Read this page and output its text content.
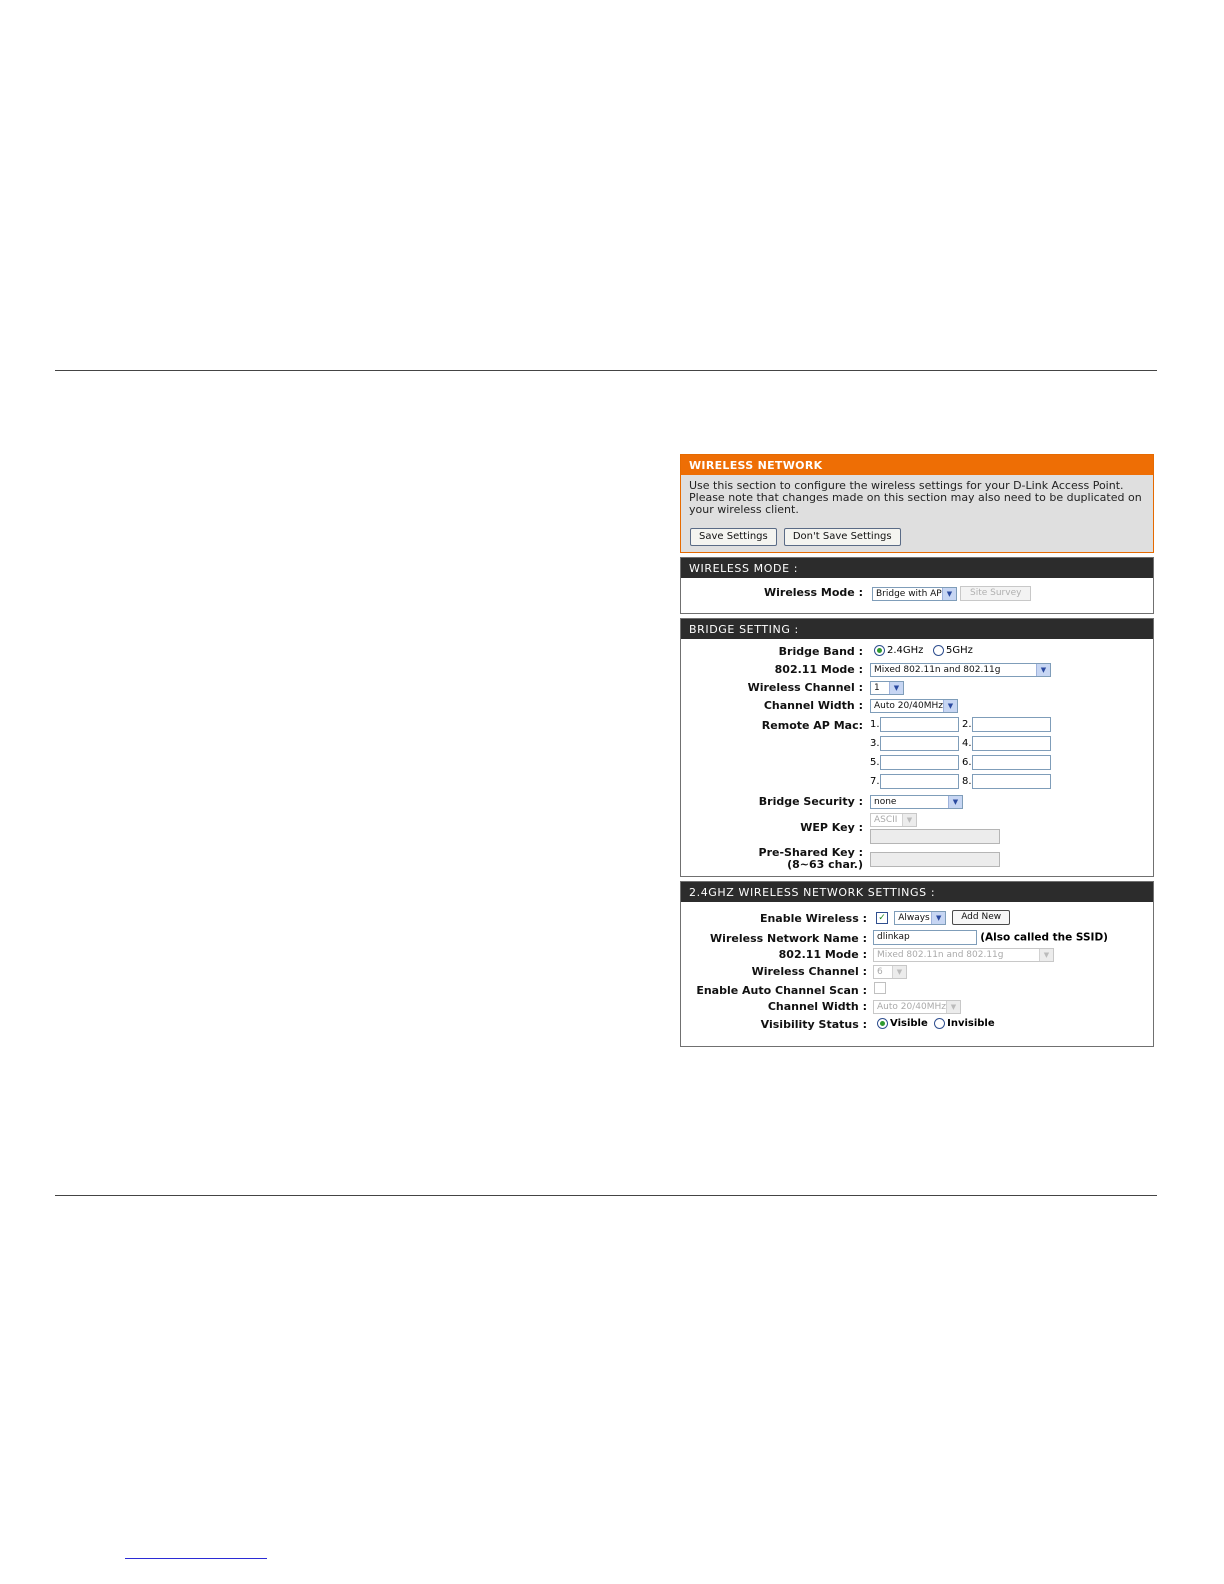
WIRELESS NETWORK
Use this section to configure the wireless settings for your D-Link Access Point. Please note that changes made on this section may also need to be duplicated on your wireless client.
Save Settings	Don't Save Settings
WIRELESS MODE :
Wireless Mode :	Bridge with AP ▼	Site Survey
BRIDGE SETTING :
Bridge Band :	2.4GHz 5GHz
802.11 Mode :	Mixed 802.11n and 802.11g	▼
Wireless Channel :	1	▼
Channel Width :	Auto 20/40MHz ▼
Remote AP Mac: 1.	2.
3.	4.
5.	6.
7.	8.
Bridge Security :	none	▼
WEP Key :
ASCII	▼

Pre-Shared Key :
(8~63 char.)
2.4GHZ WIRELESS NETWORK SETTINGS :
Enable Wireless : ✓ Always ▼	Add New
Wireless Network Name :	dlinkap	(Also called the SSID)
802.11 Mode :	Mixed 802.11n and 802.11g	▼
Wireless Channel :	6	▼
Enable Auto Channel Scan :
Channel Width :	Auto 20/40MHz ▼
Visibility Status :	Visible Invisible
